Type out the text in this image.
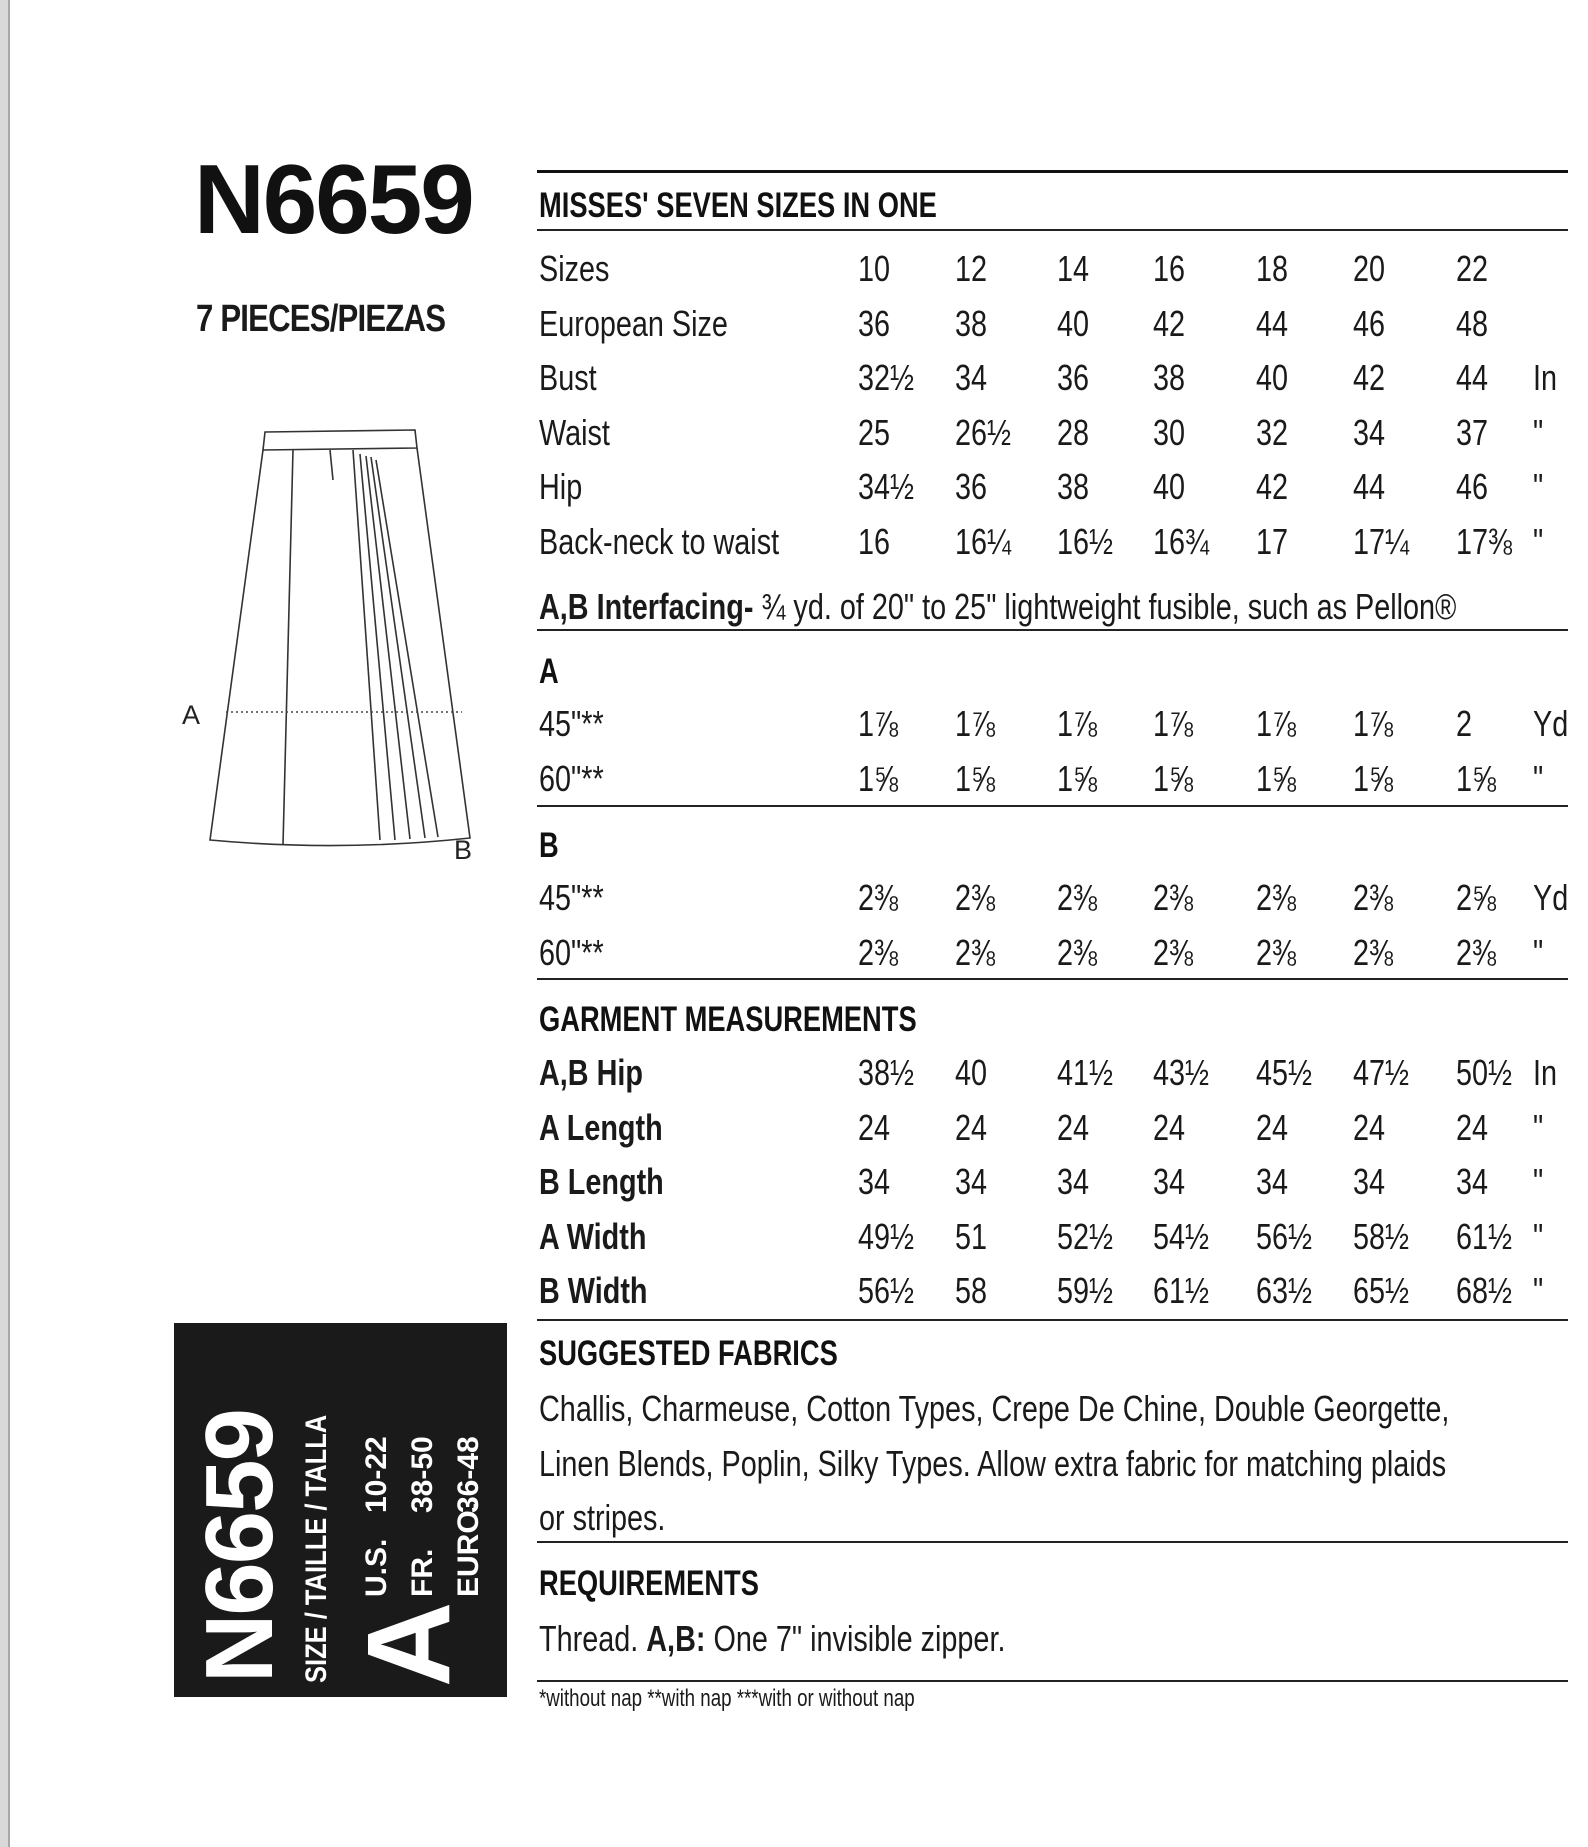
N6659
7 PIECES/PIEZAS
A
B
MISSES' SEVEN SIZES IN ONE
Sizes	10 12 14 16 18 20 22
European Size	36 38 40 42 44 46 48
Bust	32½ 34 36 38 40 42 44 In
Waist	25 26½ 28 30 32 34 37 "
Hip	34½ 36 38 40 42 44 46 "
Back-neck to waist 16 16¼ 16½ 16¾ 17 17¼ 17⅜ "
A,B Interfacing- ¾ yd. of 20" to 25" lightweight fusible, such as Pellon®
A
45"**	1⅞ 1⅞ 1⅞ 1⅞ 1⅞ 1⅞ 2 Yd
60"**	1⅝ 1⅝ 1⅝ 1⅝ 1⅝ 1⅝ 1⅝ "
B
45"**	2⅜ 2⅜ 2⅜ 2⅜ 2⅜ 2⅜ 2⅝ Yd
60"**	2⅜ 2⅜ 2⅜ 2⅜ 2⅜ 2⅜ 2⅜ "
GARMENT MEASUREMENTS
A,B Hip	38½ 40 41½ 43½ 45½ 47½ 50½ In
A Length	24 24 24 24 24 24 24 "
B Length	34 34 34 34 34 34 34 "
A Width	49½ 51 52½ 54½ 56½ 58½ 61½ "
B Width	56½ 58 59½ 61½ 63½ 65½ 68½ "
SUGGESTED FABRICS
Challis, Charmeuse, Cotton Types, Crepe De Chine, Double Georgette,
Linen Blends, Poplin, Silky Types. Allow extra fabric for matching plaids
or stripes.
REQUIREMENTS
Thread. A,B: One 7" invisible zipper.
*without nap **with nap ***with or without nap
N6659 SIZE / TAILLE / TALLA A
U.S.
10-22
FR.
38-50
EURO.
36-48
